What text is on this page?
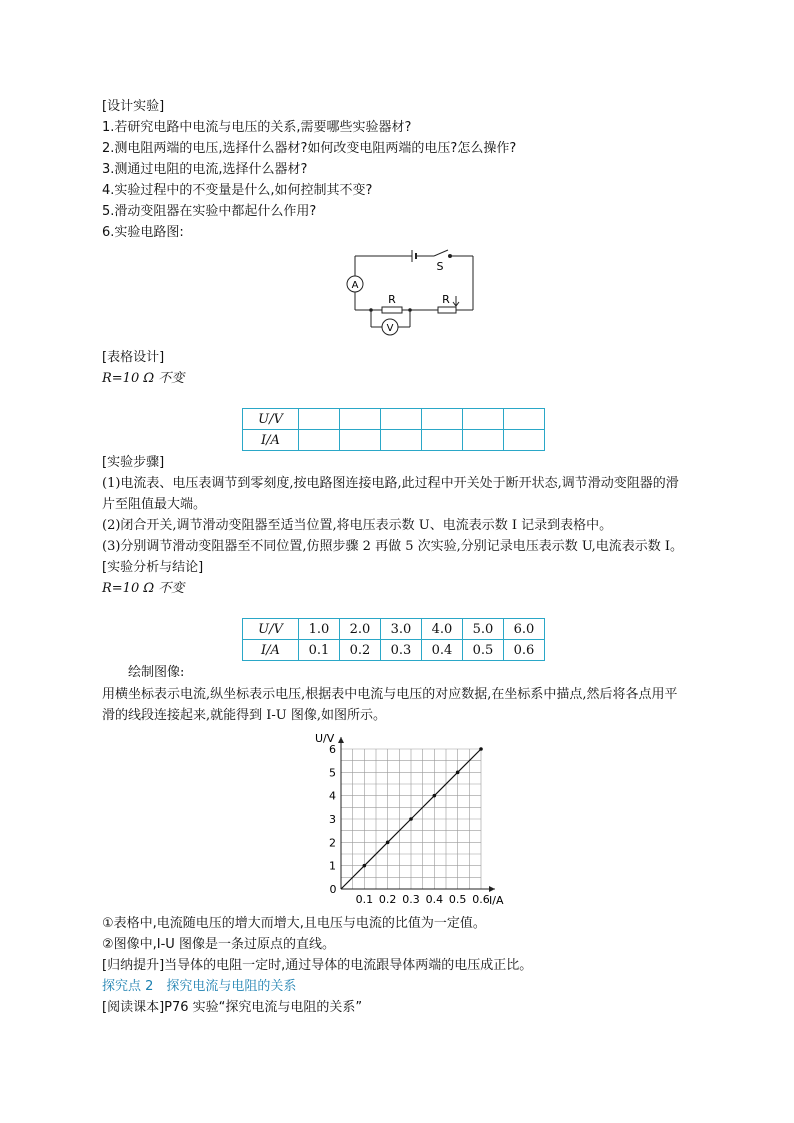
[设计实验]
1.若研究电路中电流与电压的关系,需要哪些实验器材?
2.测电阻两端的电压,选择什么器材?如何改变电阻两端的电压?怎么操作?
3.测通过电阻的电流,选择什么器材?
4.实验过程中的不变量是什么,如何控制其不变?
5.滑动变阻器在实验中都起什么作用?
6.实验电路图:
A
V
S
R	R
[表格设计]
R=10 Ω 不变
U/V						
I/A						
[实验步骤]
(1)电流表、电压表调节到零刻度,按电路图连接电路,此过程中开关处于断开状态,调节滑动变阻器的滑
片至阻值最大端。
(2)闭合开关,调节滑动变阻器至适当位置,将电压表示数 U、电流表示数 I 记录到表格中。
(3)分别调节滑动变阻器至不同位置,仿照步骤 2 再做 5 次实验,分别记录电压表示数 U,电流表示数 I。
[实验分析与结论]
R=10 Ω 不变
U/V	1.0	2.0	3.0	4.0	5.0	6.0
I/A	0.1	0.2	0.3	0.4	0.5	0.6
绘制图像:
用横坐标表示电流,纵坐标表示电压,根据表中电流与电压的对应数据,在坐标系中描点,然后将各点用平
滑的线段连接起来,就能得到 I-U 图像,如图所示。
0.1 0.2 0.3 0.4 0.5 0.6
1
2
3
4
5
6
U/V
I/A
0
①表格中,电流随电压的增大而增大,且电压与电流的比值为一定值。
②图像中,I-U 图像是一条过原点的直线。
[归纳提升]当导体的电阻一定时,通过导体的电流跟导体两端的电压成正比。
探究点 2　探究电流与电阻的关系
[阅读课本]P76 实验“探究电流与电阻的关系”
